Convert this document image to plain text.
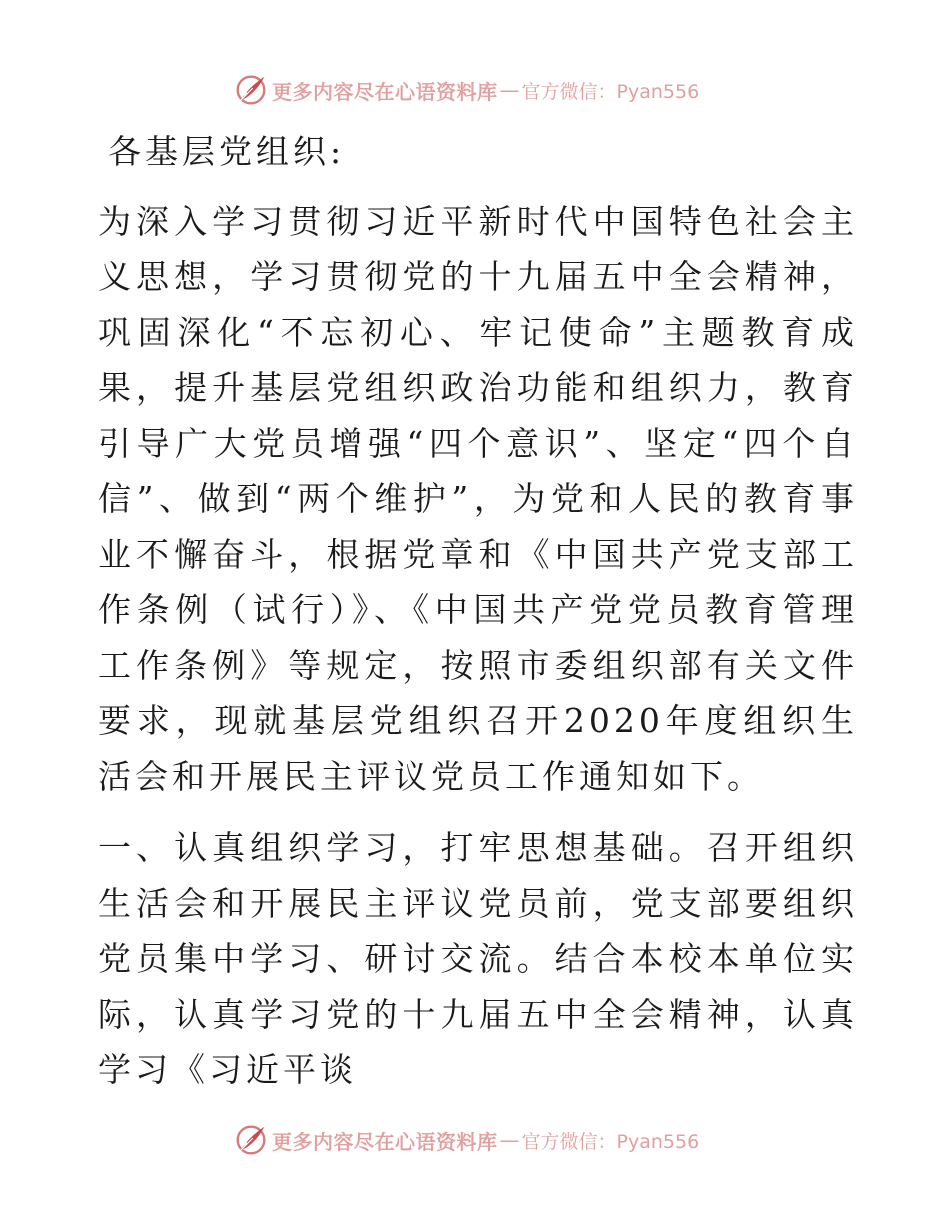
更多内容尽在心语资料库 — 官方微信：Pyan556

各基层党组织:

为深入学习贯彻习近平新时代中国特色社会主义思想，学习贯彻党的十九届五中全会精神，巩固深化“不忘初心、牢记使命”主题教育成果，提升基层党组织政治功能和组织力，教育引导广大党员增强“四个意识”、坚定“四个自信”、做到“两个维护”，为党和人民的教育事业不懈奋斗，根据党章和《中国共产党支部工作条例（试行）》、《中国共产党党员教育管理工作条例》等规定，按照市委组织部有关文件要求，现就基层党组织召开2020年度组织生活会和开展民主评议党员工作通知如下。

一、认真组织学习，打牢思想基础。召开组织生活会和开展民主评议党员前，党支部要组织党员集中学习、研讨交流。结合本校本单位实际，认真学习党的十九届五中全会精神，认真学习《习近平谈

更多内容尽在心语资料库 — 官方微信：Pyan556
